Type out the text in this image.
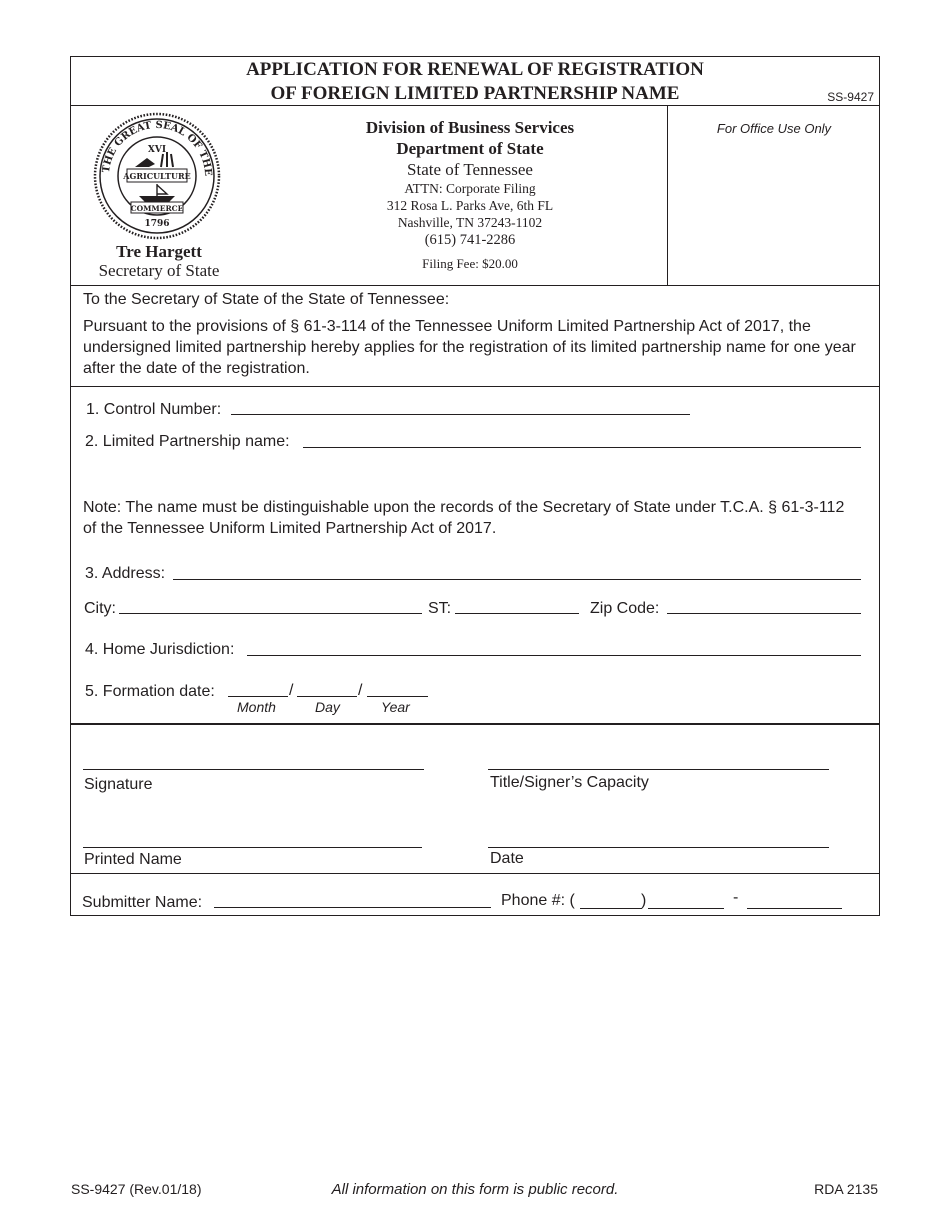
APPLICATION FOR RENEWAL OF REGISTRATION
OF FOREIGN LIMITED PARTNERSHIP NAME	SS-9427
THE GREAT SEAL OF THE
XVI
AGRICULTURE
COMMERCE
1796
Tre Hargett
Secretary of State
Division of Business Services
Department of State
State of Tennessee
ATTN: Corporate Filing
312 Rosa L. Parks Ave, 6th FL
Nashville, TN 37243-1102
(615) 741-2286
Filing Fee: $20.00
For Office Use Only
To the Secretary of State of the State of Tennessee:
Pursuant to the provisions of § 61-3-114 of the Tennessee Uniform Limited Partnership Act of 2017, the undersigned limited partnership hereby applies for the registration of its limited partnership name for one year after the date of the registration.
1. Control Number:
2. Limited Partnership name:
Note: The name must be distinguishable upon the records of the Secretary of State under T.C.A. § 61-3-112 of the Tennessee Uniform Limited Partnership Act of 2017.
3. Address:
City:	ST:	Zip Code:
4. Home Jurisdiction:
5. Formation date:	/	/
Month	Day	Year
Signature	Title/Signer’s Capacity
Printed Name	Date
Submitter Name:	Phone #: (	)	-
SS-9427 (Rev.01/18)	All information on this form is public record.	RDA 2135
